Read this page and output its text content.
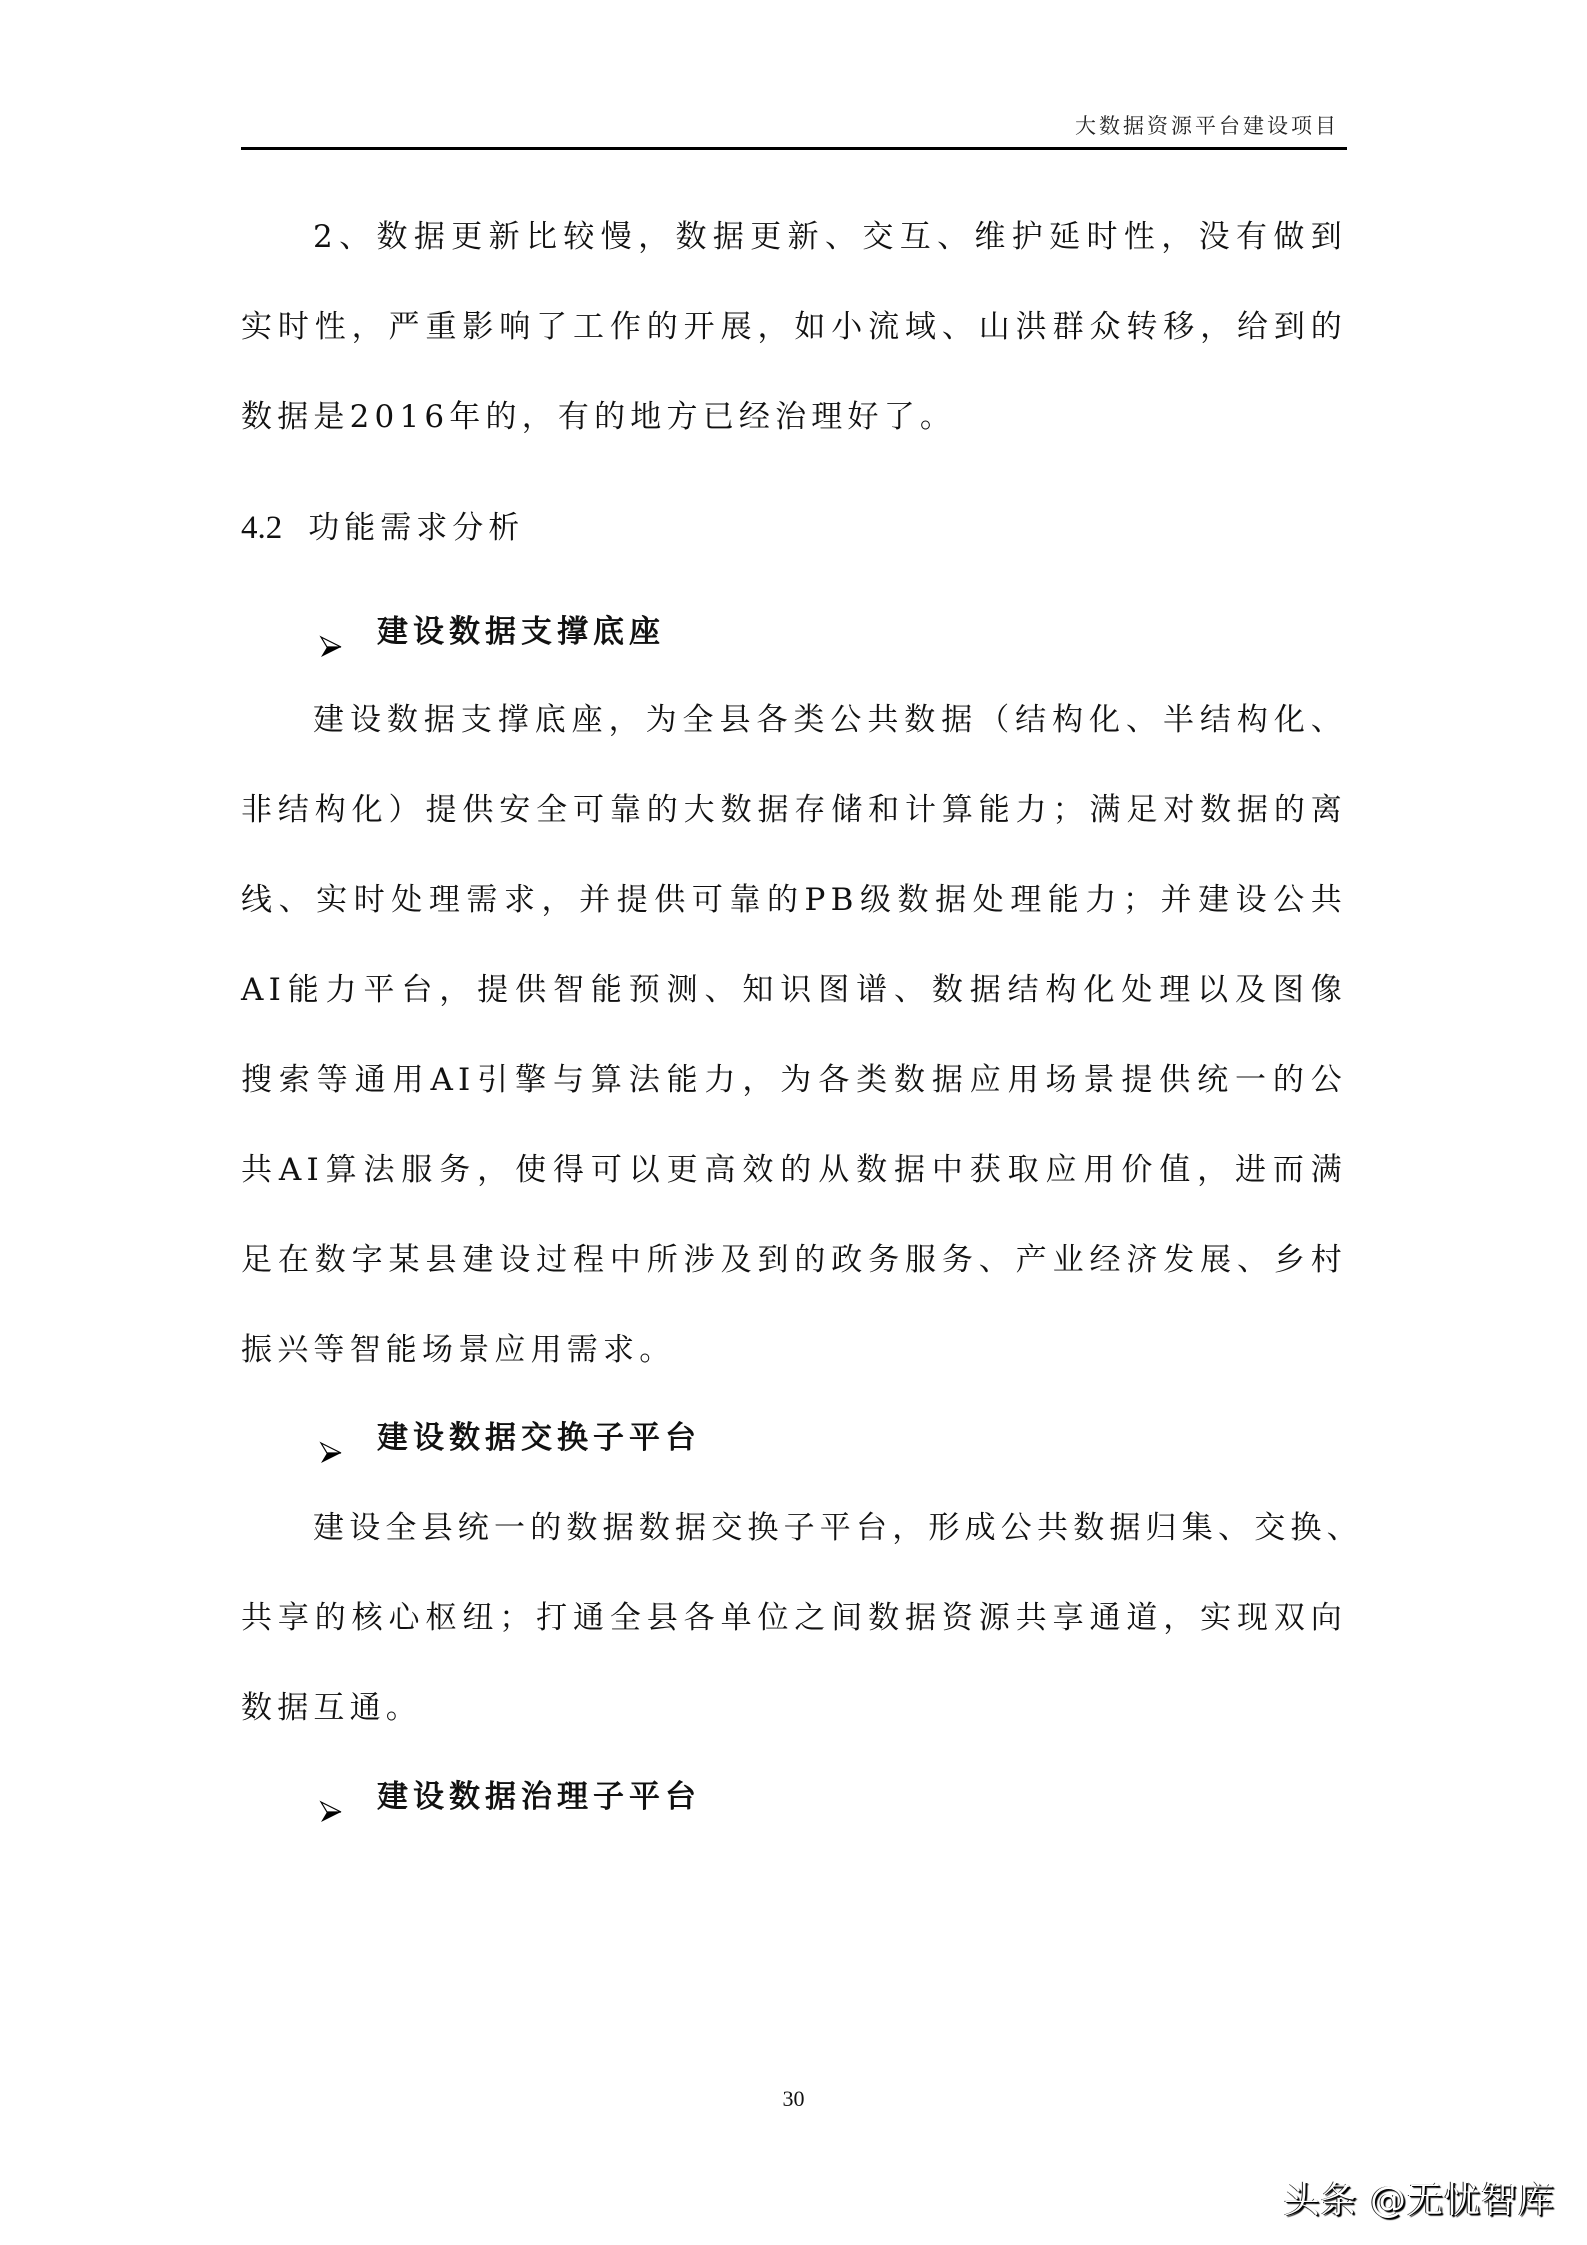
大数据资源平台建设项目
2、数据更新比较慢，数据更新、交互、维护延时性，没有做到
实时性，严重影响了工作的开展，如小流域、山洪群众转移，给到的
数据是2016年的，有的地方已经治理好了。
4.2 功能需求分析
建设数据支撑底座
建设数据支撑底座，为全县各类公共数据（结构化、半结构化、
非结构化）提供安全可靠的大数据存储和计算能力；满足对数据的离
线、实时处理需求，并提供可靠的PB级数据处理能力；并建设公共
AI能力平台，提供智能预测、知识图谱、数据结构化处理以及图像
搜索等通用AI引擎与算法能力，为各类数据应用场景提供统一的公
共AI算法服务，使得可以更高效的从数据中获取应用价值，进而满
足在数字某县建设过程中所涉及到的政务服务、产业经济发展、乡村
振兴等智能场景应用需求。
建设数据交换子平台
建设全县统一的数据数据交换子平台，形成公共数据归集、交换、
共享的核心枢纽；打通全县各单位之间数据资源共享通道，实现双向
数据互通。
建设数据治理子平台
30
头条 @无忧智库
